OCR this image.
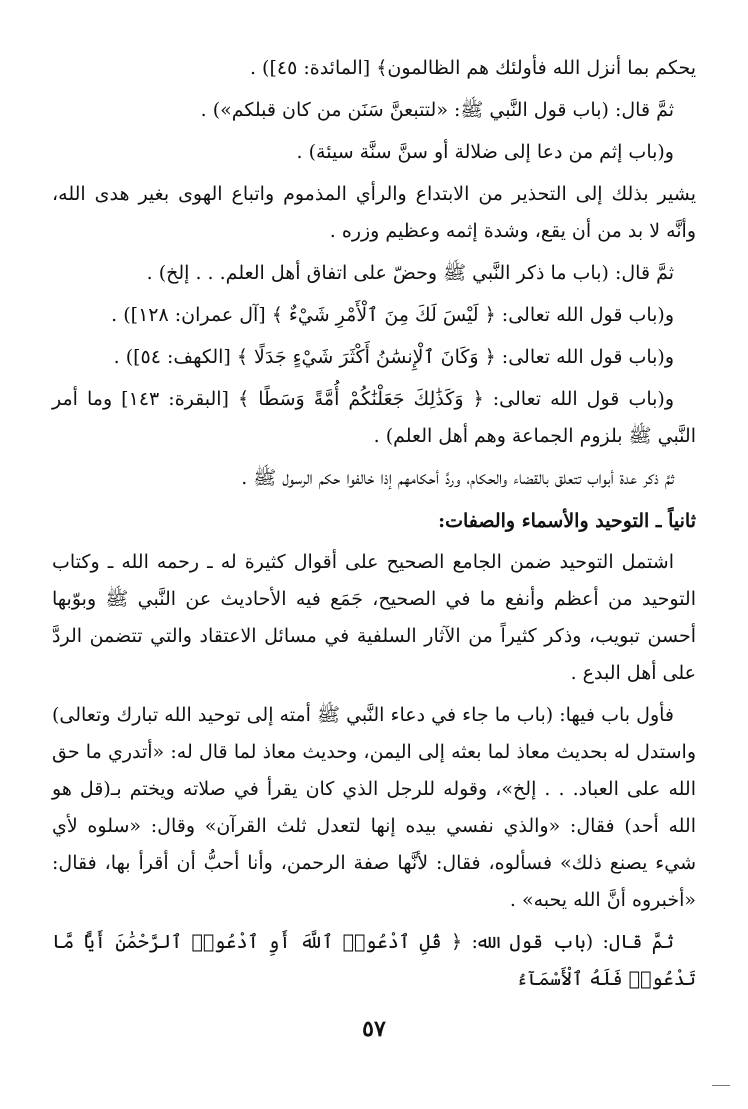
يحكم بما أنزل الله فأولئك هم الظالمون﴾ [المائدة: ٤٥]) .

ثمَّ قال: (باب قول النَّبي ﷺ: «لتتبعنَّ سَنَن من كان قبلكم») .

و(باب إثم من دعا إلى ضلالة أو سنَّ سنَّة سيئة) .

يشير بذلك إلى التحذير من الابتداع والرأي المذموم واتباع الهوى بغير هدى الله، وأنَّه لا بد من أن يقع، وشدة إثمه وعظيم وزره .

ثمَّ قال: (باب ما ذكر النَّبي ﷺ وحضّ على اتفاق أهل العلم. . . إلخ) .

و(باب قول الله تعالى: ﴿ لَيْسَ لَكَ مِنَ ٱلْأَمْرِ شَيْءٌ ﴾ [آل عمران: ١٢٨]) .

و(باب قول الله تعالى: ﴿ وَكَانَ ٱلْإِنسَٰنُ أَكْثَرَ شَيْءٍ جَدَلًا ﴾ [الكهف: ٥٤]) .

و(باب قول الله تعالى: ﴿ وَكَذَٰلِكَ جَعَلْنَٰكُمْ أُمَّةً وَسَطًا ﴾ [البقرة: ١٤٣] وما أمر النَّبي ﷺ بلزوم الجماعة وهم أهل العلم) .

ثمَّ ذكر عدة أبواب تتعلق بالقضاء والحكام، وردَّ أحكامهم إذا خالفوا حكم الرسول ﷺ .

ثانياً ـ التوحيد والأسماء والصفات:

اشتمل التوحيد ضمن الجامع الصحيح على أقوال كثيرة له ـ رحمه الله ـ وكتاب التوحيد من أعظم وأنفع ما في الصحيح، جَمَع فيه الأحاديث عن النَّبي ﷺ وبوّبها أحسن تبويب، وذكر كثيراً من الآثار السلفية في مسائل الاعتقاد والتي تتضمن الردَّ على أهل البدع .

فأول باب فيها: (باب ما جاء في دعاء النَّبي ﷺ أمته إلى توحيد الله تبارك وتعالى) واستدل له بحديث معاذ لما بعثه إلى اليمن، وحديث معاذ لما قال له: «أتدري ما حق الله على العباد. . . إلخ»، وقوله للرجل الذي كان يقرأ في صلاته ويختم بـ(قل هو الله أحد) فقال: «والذي نفسي بيده إنها لتعدل ثلث القرآن» وقال: «سلوه لأي شيء يصنع ذلك» فسألوه، فقال: لأنَّها صفة الرحمن، وأنا أحبُّ أن أقرأ بها، فقال: «أخبروه أنَّ الله يحبه» .

ثمَّ قال: (باب قول الله: ﴿ قُلِ ٱدْعُوا۟ ٱللَّهَ أَوِ ٱدْعُوا۟ ٱلرَّحْمَٰنَ أَيًّا مَّا تَدْعُوا۟ فَلَهُ ٱلْأَسْمَآءُ

٥٧
